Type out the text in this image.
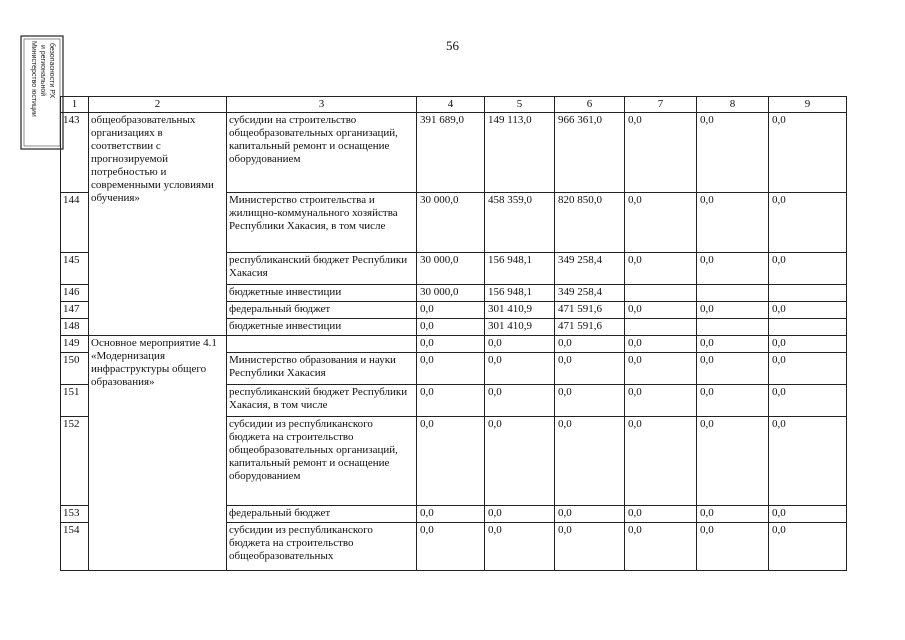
56
Министерство юстиции и региональной безопасности РХ
1	2	3	4	5	6	7	8	9
143	общеобразовательных организациях в соответствии с прогнозируемой потребностью и современными условиями обучения»	субсидии на строительство общеобразовательных организаций, капитальный ремонт и оснащение оборудованием	391 689,0	149 113,0	966 361,0	0,0	0,0	0,0
144		Министерство строительства и жилищно-коммунального хозяйства Республики Хакасия, в том числе	30 000,0	458 359,0	820 850,0	0,0	0,0	0,0
145		республиканский бюджет Республики Хакасия	30 000,0	156 948,1	349 258,4	0,0	0,0	0,0
146		бюджетные инвестиции	30 000,0	156 948,1	349 258,4			
147		федеральный бюджет	0,0	301 410,9	471 591,6	0,0	0,0	0,0
148		бюджетные инвестиции	0,0	301 410,9	471 591,6			
149	Основное мероприятие 4.1 «Модернизация инфраструктуры общего образования»		0,0	0,0	0,0	0,0	0,0	0,0
150		Министерство образования и науки Республики Хакасия	0,0	0,0	0,0	0,0	0,0	0,0
151		республиканский бюджет Республики Хакасия, в том числе	0,0	0,0	0,0	0,0	0,0	0,0
152		субсидии из республиканского бюджета на строительство общеобразовательных организаций, капитальный ремонт и оснащение оборудованием	0,0	0,0	0,0	0,0	0,0	0,0
153		федеральный бюджет	0,0	0,0	0,0	0,0	0,0	0,0
154		субсидии из республиканского бюджета на строительство общеобразовательных	0,0	0,0	0,0	0,0	0,0	0,0
